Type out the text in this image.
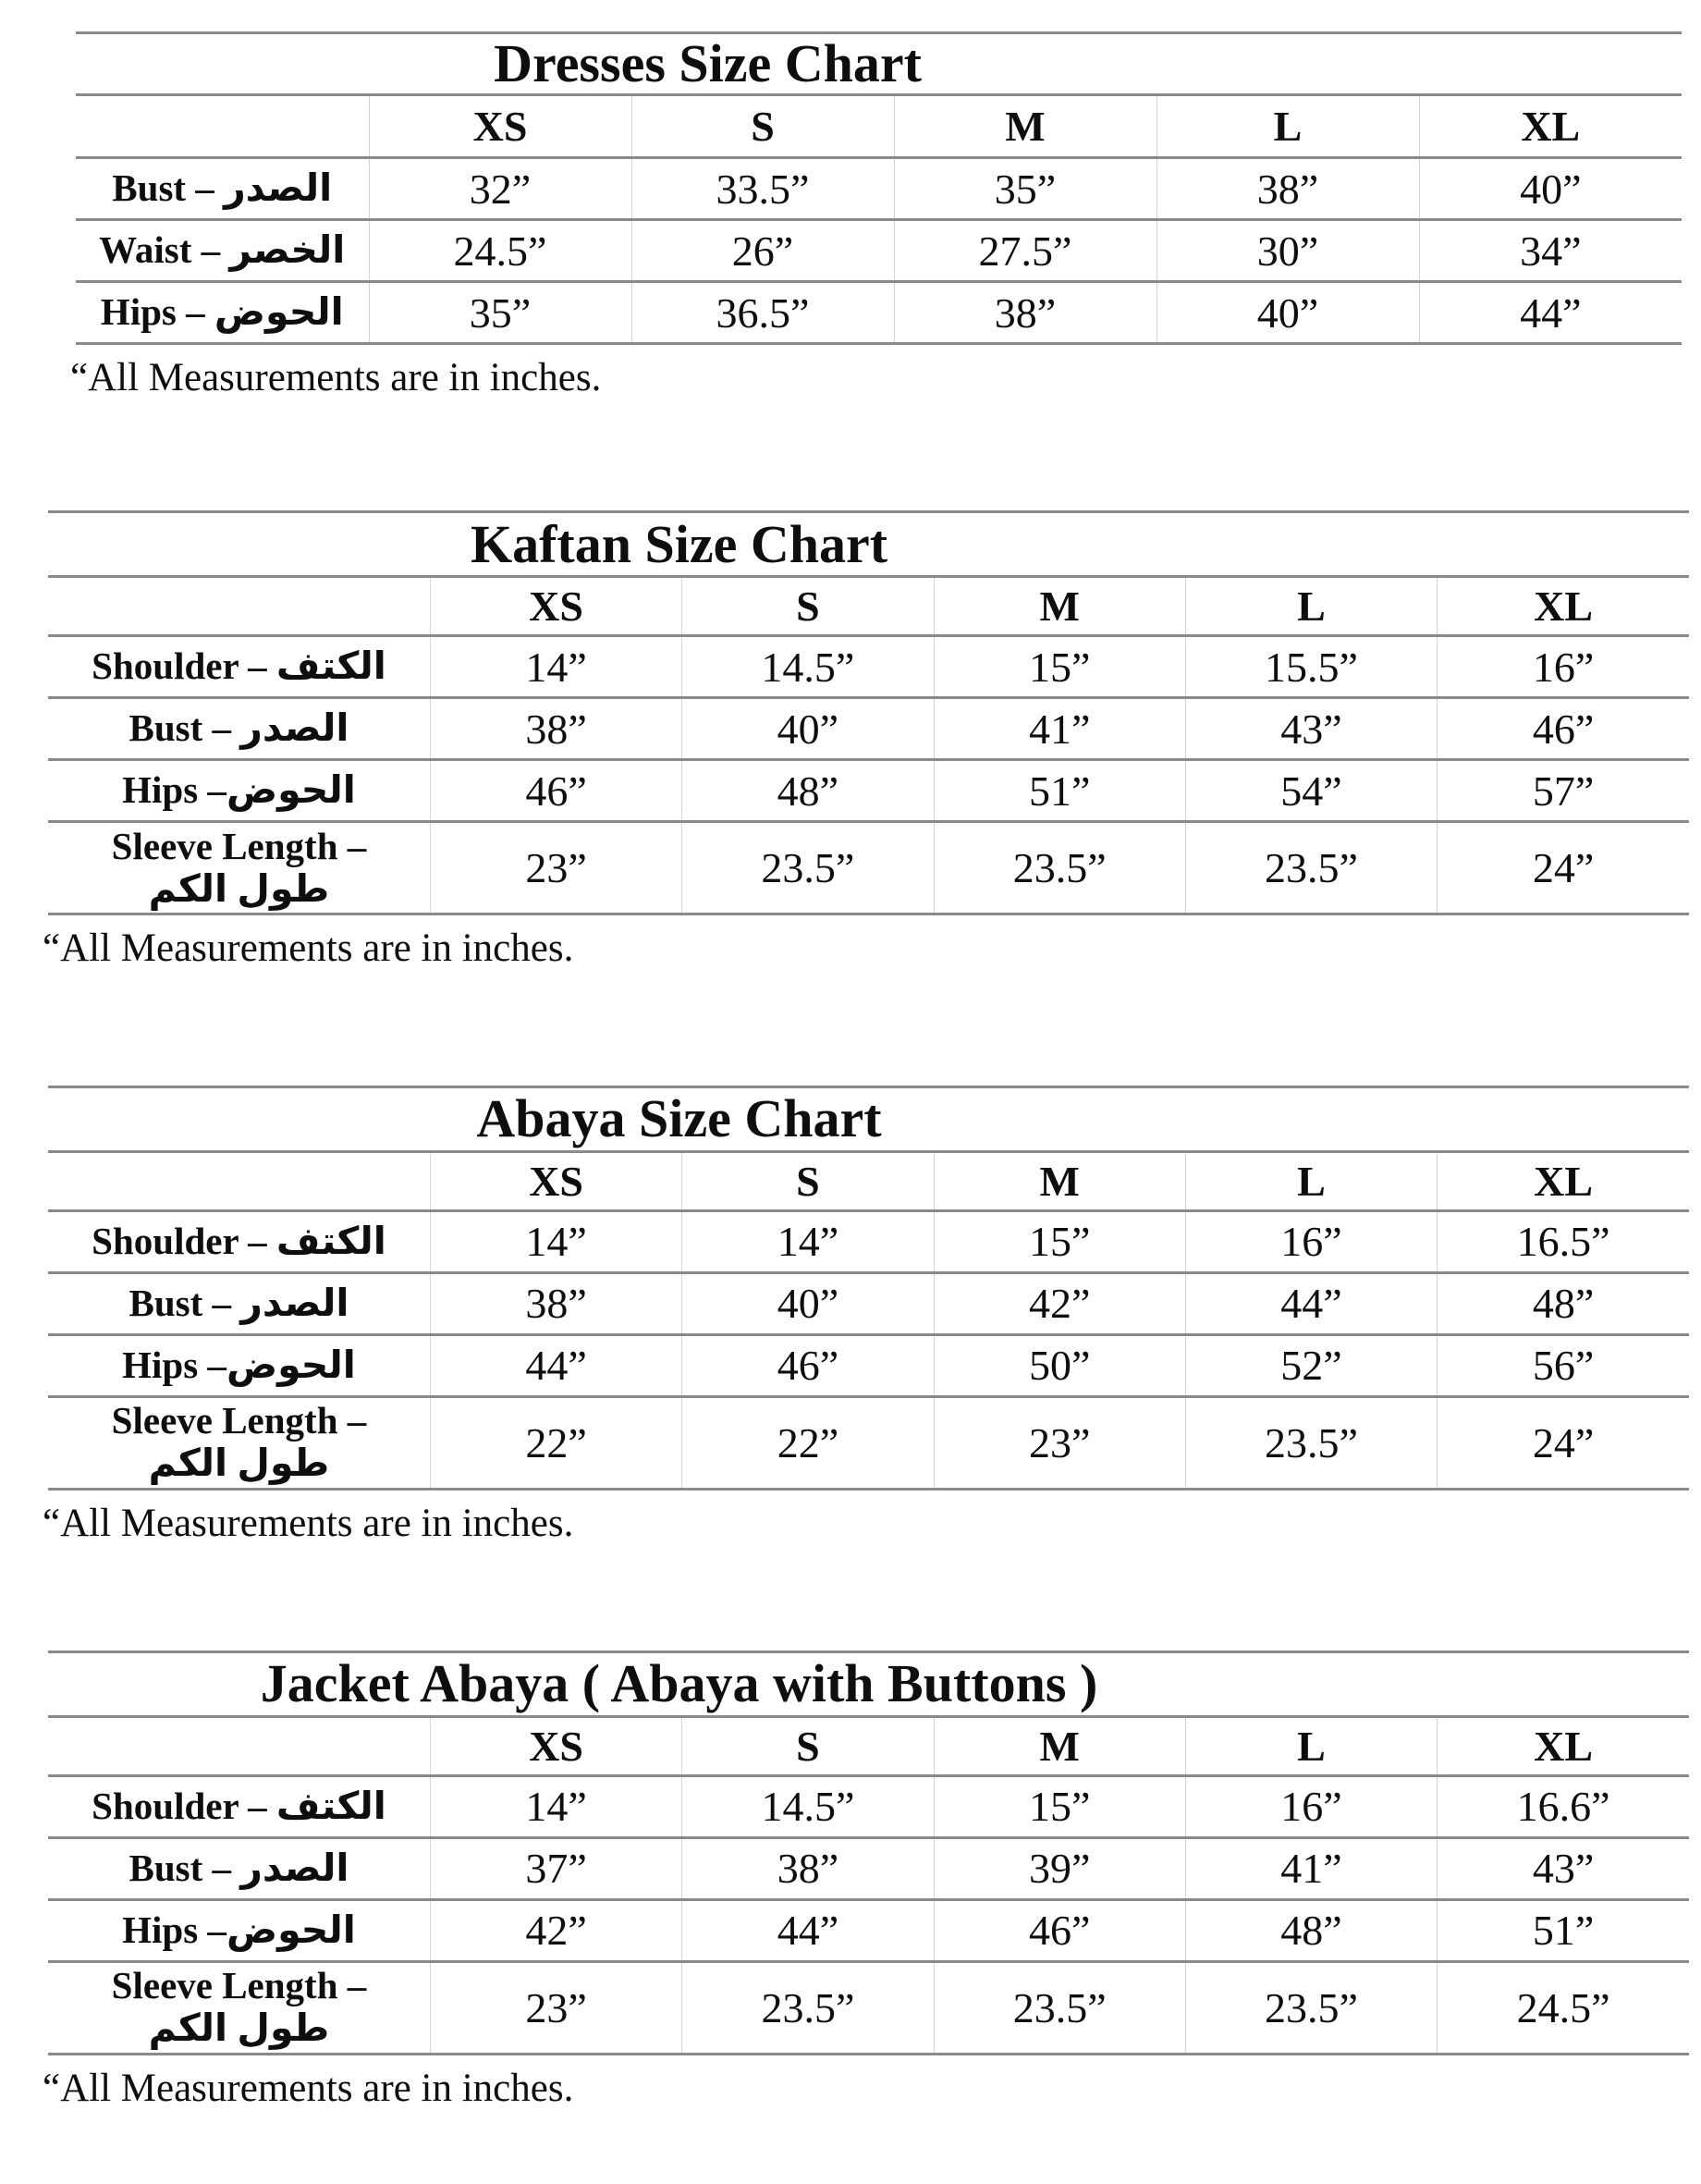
Dresses Size Chart					
	XS	S	M	L	XL

Bust – الصدر	32”	33.5”	35”	38”	40”

Waist – الخصر	24.5”	26”	27.5”	30”	34”

Hips – الحوض	35”	36.5”	38”	40”	44”
“All Measurements are in inches.
Kaftan Size Chart					
	XS	S	M	L	XL

Shoulder – الكتف	14”	14.5”	15”	15.5”	16”

Bust – الصدر	38”	40”	41”	43”	46”

Hips –الحوض	46”	48”	51”	54”	57”

Sleeve Length –
طول الكم	23”	23.5”	23.5”	23.5”	24”
“All Measurements are in inches.
Abaya Size Chart					
	XS	S	M	L	XL

Shoulder – الكتف	14”	14”	15”	16”	16.5”

Bust – الصدر	38”	40”	42”	44”	48”

Hips –الحوض	44”	46”	50”	52”	56”

Sleeve Length –
طول الكم	22”	22”	23”	23.5”	24”
“All Measurements are in inches.
Jacket Abaya ( Abaya with Buttons )					
	XS	S	M	L	XL

Shoulder – الكتف	14”	14.5”	15”	16”	16.6”

Bust – الصدر	37”	38”	39”	41”	43”

Hips –الحوض	42”	44”	46”	48”	51”

Sleeve Length –
طول الكم	23”	23.5”	23.5”	23.5”	24.5”
“All Measurements are in inches.
